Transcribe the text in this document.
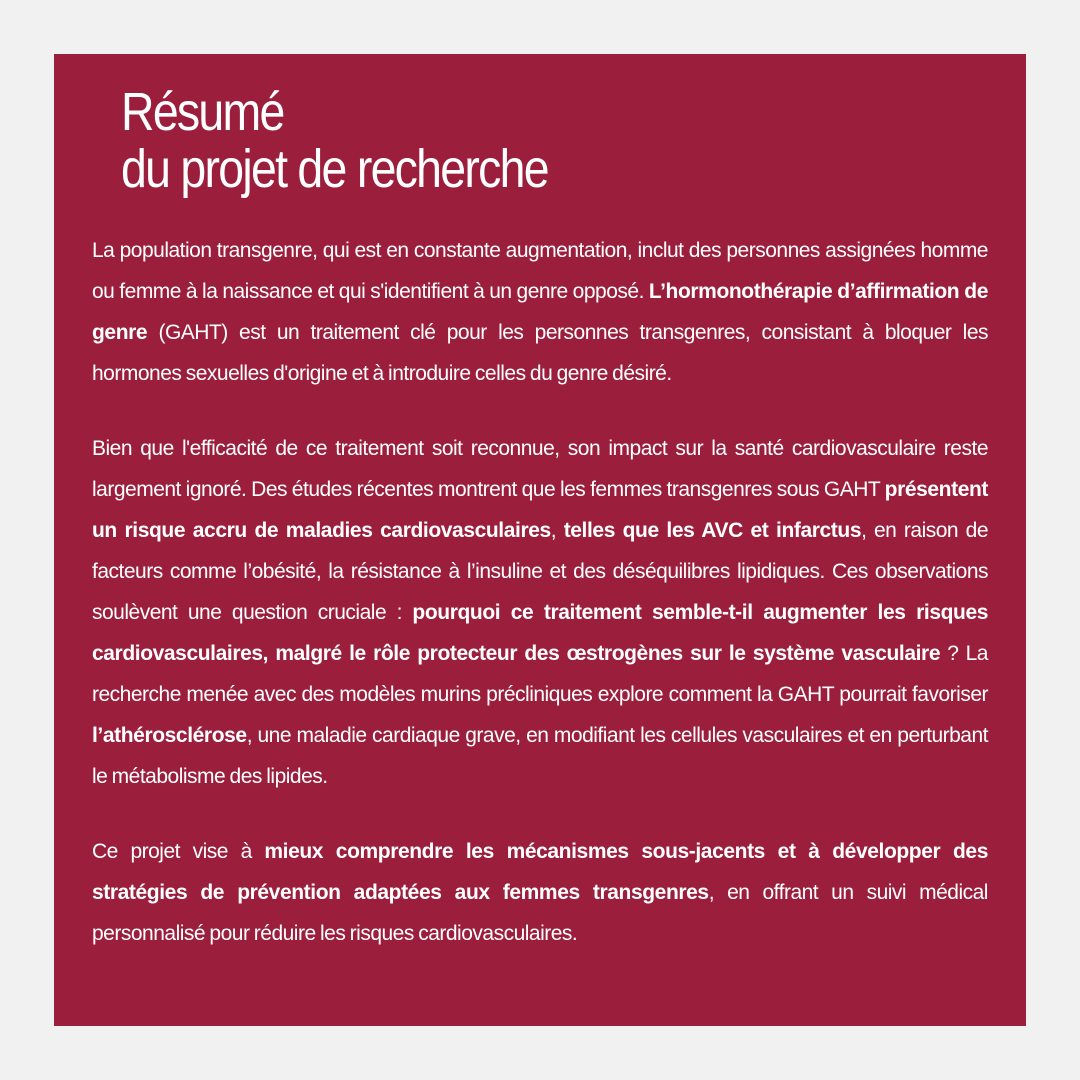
Résumé
du projet de recherche

La population transgenre, qui est en constante augmentation, inclut des personnes assignées homme ou femme à la naissance et qui s'identifient à un genre opposé. L’hormonothérapie d’affirmation de genre (GAHT) est un traitement clé pour les personnes transgenres, consistant à bloquer les hormones sexuelles d'origine et à introduire celles du genre désiré.

Bien que l'efficacité de ce traitement soit reconnue, son impact sur la santé cardiovasculaire reste largement ignoré. Des études récentes montrent que les femmes transgenres sous GAHT présentent un risque accru de maladies cardiovasculaires, telles que les AVC et infarctus, en raison de facteurs comme l’obésité, la résistance à l’insuline et des déséquilibres lipidiques. Ces observations soulèvent une question cruciale : pourquoi ce traitement semble-t-il augmenter les risques cardiovasculaires, malgré le rôle protecteur des œstrogènes sur le système vasculaire ? La recherche menée avec des modèles murins précliniques explore comment la GAHT pourrait favoriser l’athérosclérose, une maladie cardiaque grave, en modifiant les cellules vasculaires et en perturbant le métabolisme des lipides.

Ce projet vise à mieux comprendre les mécanismes sous-jacents et à développer des stratégies de prévention adaptées aux femmes transgenres, en offrant un suivi médical personnalisé pour réduire les risques cardiovasculaires.
